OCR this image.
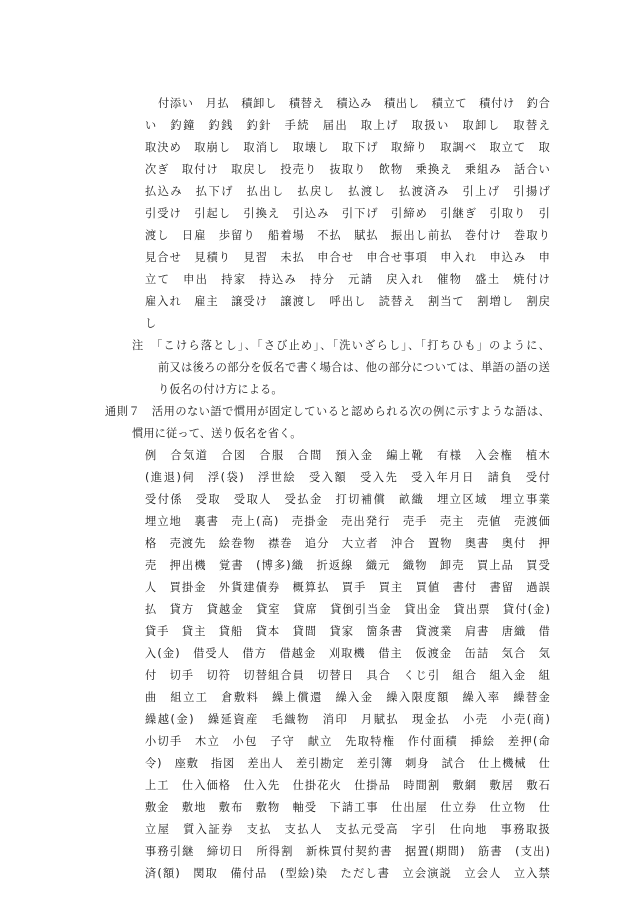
付添い　月払　積卸し　積替え　積込み　積出し　積立て　積付け　釣合
い　釣鐘　釣銭　釣針　手続　届出　取上げ　取扱い　取卸し　取替え
取決め　取崩し　取消し　取壊し　取下げ　取締り　取調べ　取立て　取
次ぎ　取付け　取戻し　投売り　抜取り　飲物　乗換え　乗組み　話合い
払込み　払下げ　払出し　払戻し　払渡し　払渡済み　引上げ　引揚げ
引受け　引起し　引換え　引込み　引下げ　引締め　引継ぎ　引取り　引
渡し　日雇　歩留り　船着場　不払　賦払　振出し前払　巻付け　巻取り
見合せ　見積り　見習　未払　申合せ　申合せ事項　申入れ　申込み　申
立て　申出　持家　持込み　持分　元請　戻入れ　催物　盛土　焼付け
雇入れ　雇主　譲受け　譲渡し　呼出し　読替え　割当て　割増し　割戻
し
注　「こけら落とし」、「さび止め」、「洗いざらし」、「打ちひも」のように、
前又は後ろの部分を仮名で書く場合は、他の部分については、単語の語の送
り仮名の付け方による。
通則７　活用のない語で慣用が固定していると認められる次の例に示すような語は、
慣用に従って、送り仮名を省く。
例　合気道　合図　合服　合間　預入金　編上靴　有様　入会権　植木
(進退)伺　浮(袋)　浮世絵　受入額　受入先　受入年月日　請負　受付
受付係　受取　受取人　受払金　打切補償　畝織　埋立区域　埋立事業
埋立地　裏書　売上(高)　売掛金　売出発行　売手　売主　売値　売渡価
格　売渡先　絵巻物　襟巻　追分　大立者　沖合　置物　奥書　奥付　押
売　押出機　覚書　(博多)織　折返線　織元　織物　卸売　買上品　買受
人　買掛金　外貨建債券　概算払　買手　買主　買値　書付　書留　過誤
払　貸方　貸越金　貸室　貸席　貸倒引当金　貸出金　貸出票　貸付(金)
貸手　貸主　貸船　貸本　貸間　貸家　箇条書　貸渡業　肩書　唐織　借
入(金)　借受人　借方　借越金　刈取機　借主　仮渡金　缶詰　気合　気
付　切手　切符　切替組合員　切替日　具合　くじ引　組合　組入金　組
曲　組立工　倉敷料　繰上償還　繰入金　繰入限度額　繰入率　繰替金
繰越(金)　繰延資産　毛織物　消印　月賦払　現金払　小売　小売(商)
小切手　木立　小包　子守　献立　先取特権　作付面積　挿絵　差押(命
令)　座敷　指図　差出人　差引勘定　差引簿　刺身　試合　仕上機械　仕
上工　仕入価格　仕入先　仕掛花火　仕掛品　時間割　敷網　敷居　敷石
敷金　敷地　敷布　敷物　軸受　下請工事　仕出屋　仕立券　仕立物　仕
立屋　質入証券　支払　支払人　支払元受高　字引　仕向地　事務取扱
事務引継　締切日　所得割　新株買付契約書　据置(期間)　筋書　(支出)
済(額)　関取　備付品　(型絵)染　ただし書　立会演説　立会人　立入禁
